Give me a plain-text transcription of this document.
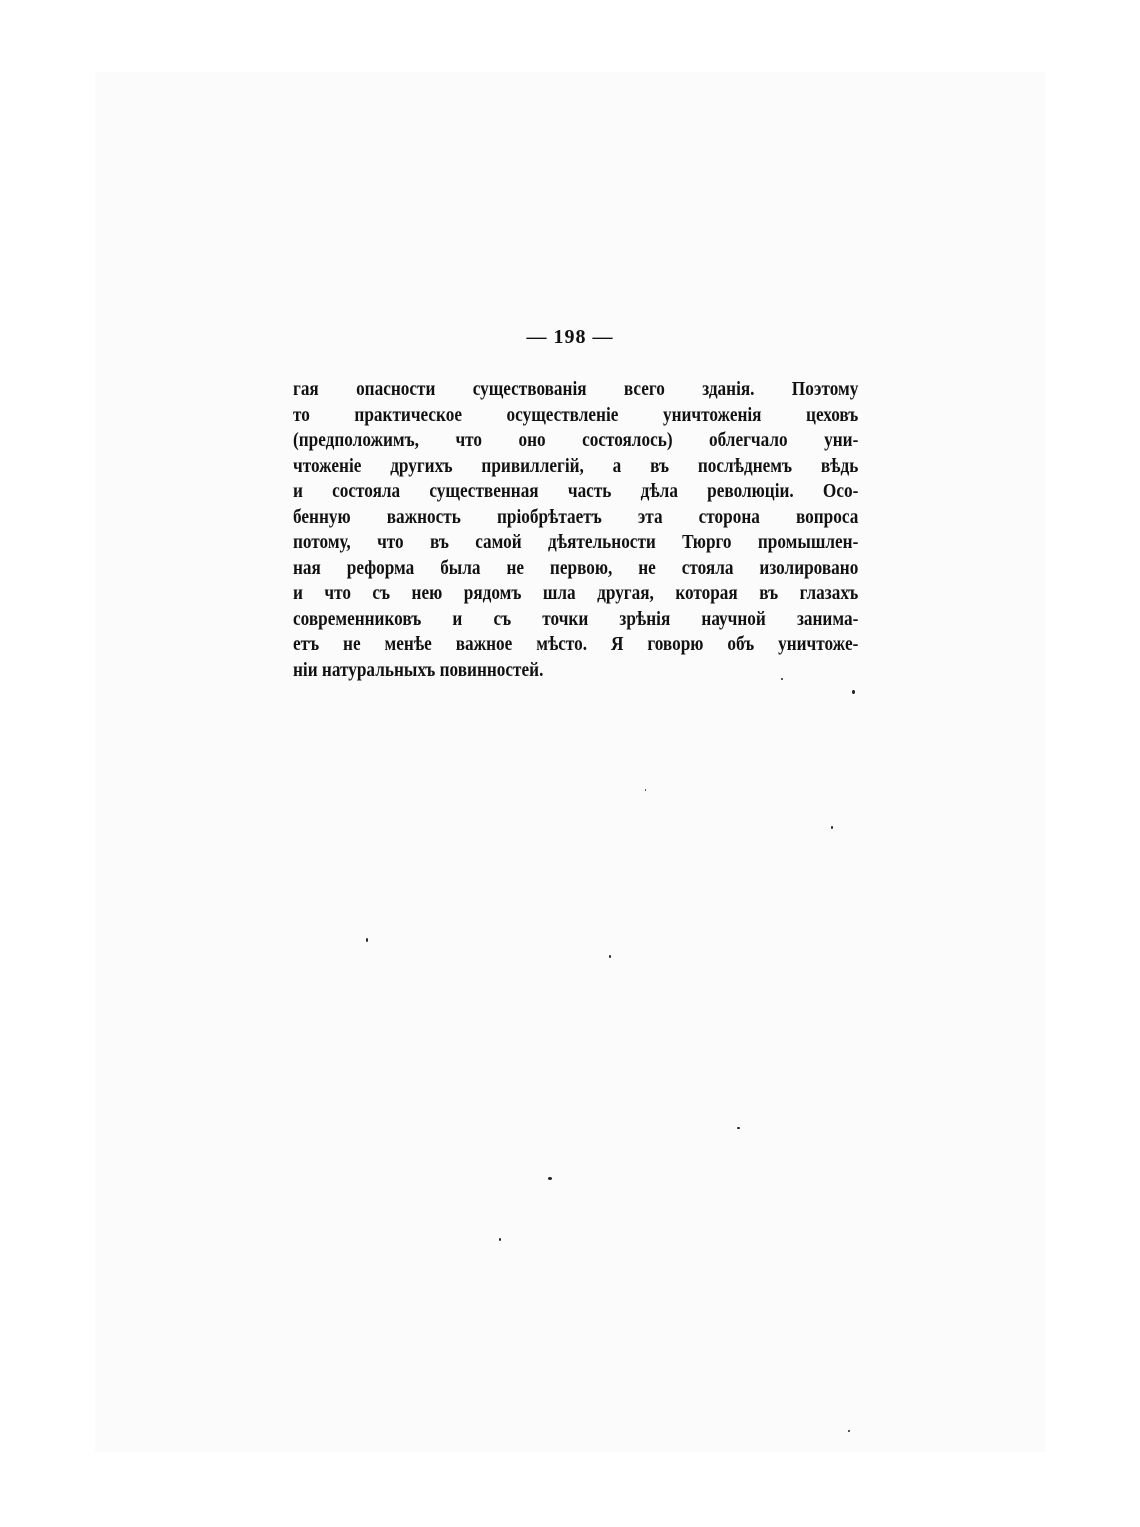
— 198 —
гая опасности существованія всего зданія. Поэтому
то практическое осуществленіе уничтоженія цеховъ
(предположимъ, что оно состоялось) облегчало уни-
чтоженіе другихъ привиллегій, а въ послѣднемъ вѣдь
и состояла существенная часть дѣла революціи. Осо-
бенную важность пріобрѣтаетъ эта сторона вопроса
потому, что въ самой дѣятельности Тюрго промышлен-
ная реформа была не первою, не стояла изолировано
и что съ нею рядомъ шла другая, которая въ глазахъ
современниковъ и съ точки зрѣнія научной занима-
етъ не менѣе важное мѣсто. Я говорю объ уничтоже-
ніи натуральныхъ повинностей.
